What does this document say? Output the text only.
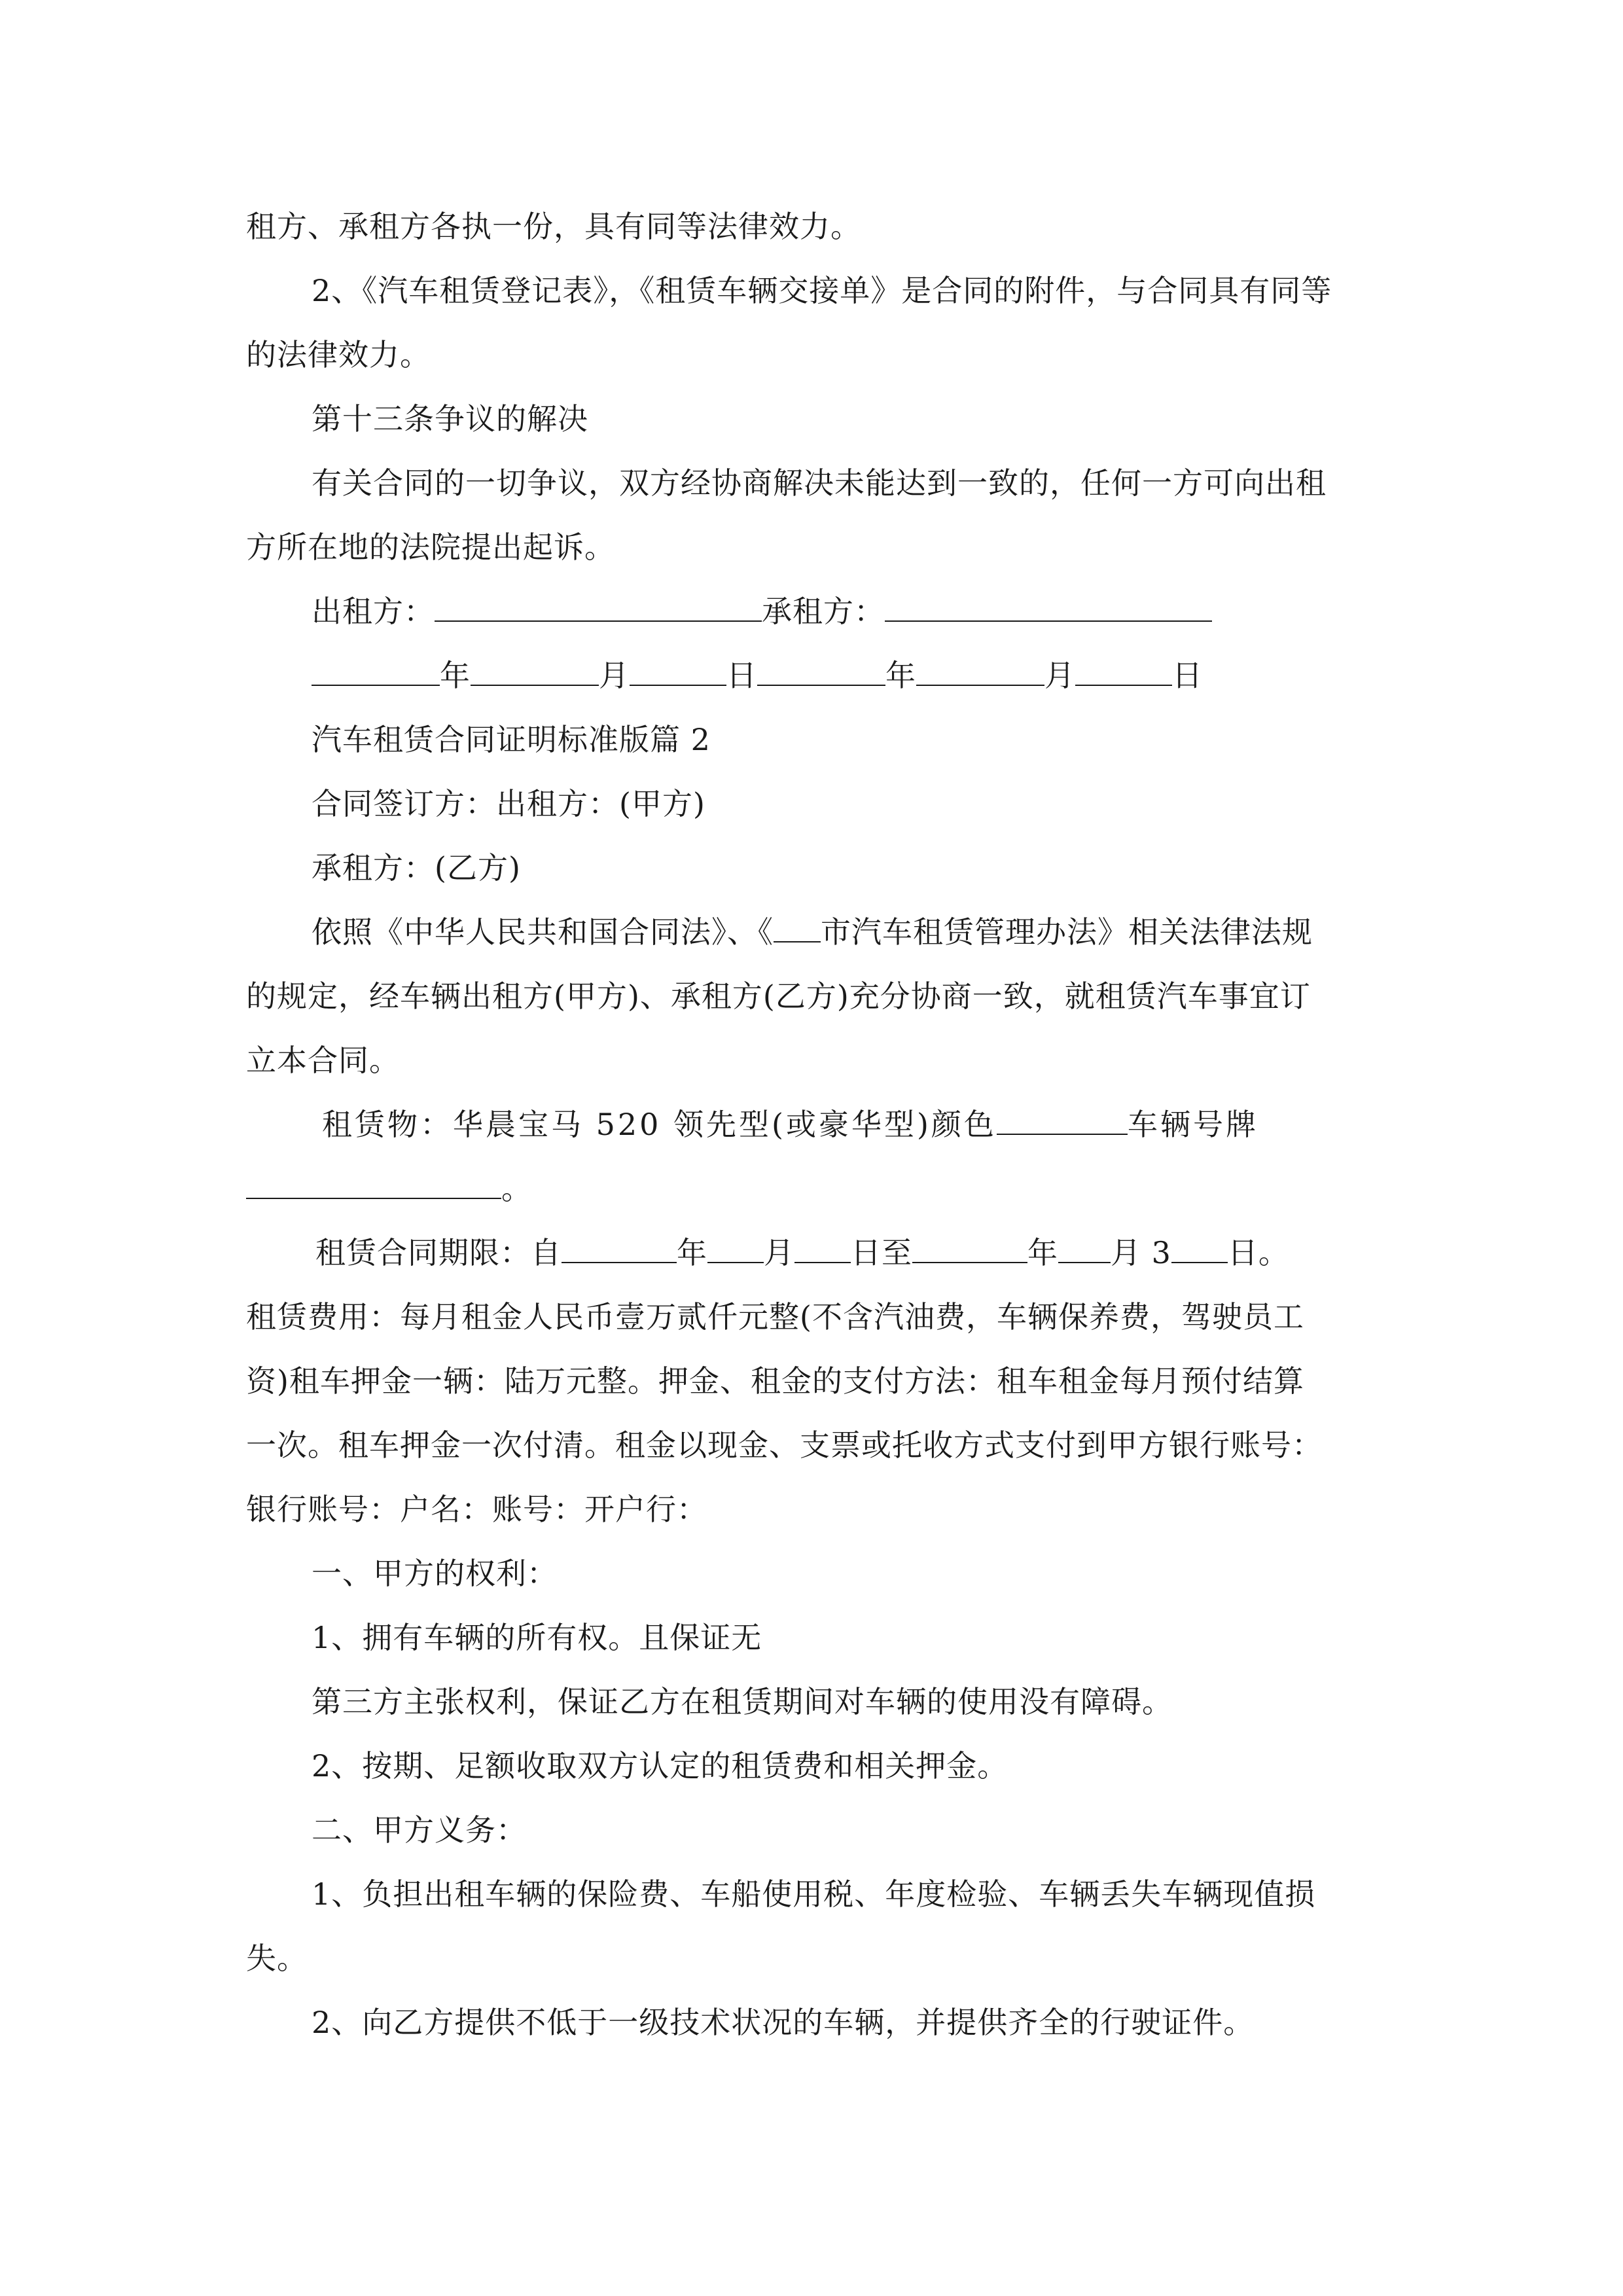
租方、承租方各执一份，具有同等法律效力。
2、《汽车租赁登记表》，《租赁车辆交接单》是合同的附件，与合同具有同等
的法律效力。
第十三条争议的解决
有关合同的一切争议，双方经协商解决未能达到一致的，任何一方可向出租
方所在地的法院提出起诉。
出租方：	承租方：
年	月	日	年	月	日
汽车租赁合同证明标准版篇 2
合同签订方：出租方：(甲方)
承租方：(乙方)
依照《中华人民共和国合同法》、《 市汽车租赁管理办法》相关法律法规
的规定，经车辆出租方(甲方)、承租方(乙方)充分协商一致，就租赁汽车事宜订
立本合同。
租赁物：华晨宝马 520 领先型(或豪华型)颜色	车辆号牌
。
租赁合同期限：自	年 月 日至	年 月 3 日。
租赁费用：每月租金人民币壹万贰仟元整(不含汽油费，车辆保养费，驾驶员工
资)租车押金一辆：陆万元整。押金、租金的支付方法：租车租金每月预付结算
一次。租车押金一次付清。租金以现金、支票或托收方式支付到甲方银行账号：
银行账号：户名：账号：开户行：
一、甲方的权利：
1、拥有车辆的所有权。且保证无
第三方主张权利，保证乙方在租赁期间对车辆的使用没有障碍。
2、按期、足额收取双方认定的租赁费和相关押金。
二、甲方义务：
1、负担出租车辆的保险费、车船使用税、年度检验、车辆丢失车辆现值损
失。
2、向乙方提供不低于一级技术状况的车辆，并提供齐全的行驶证件。
